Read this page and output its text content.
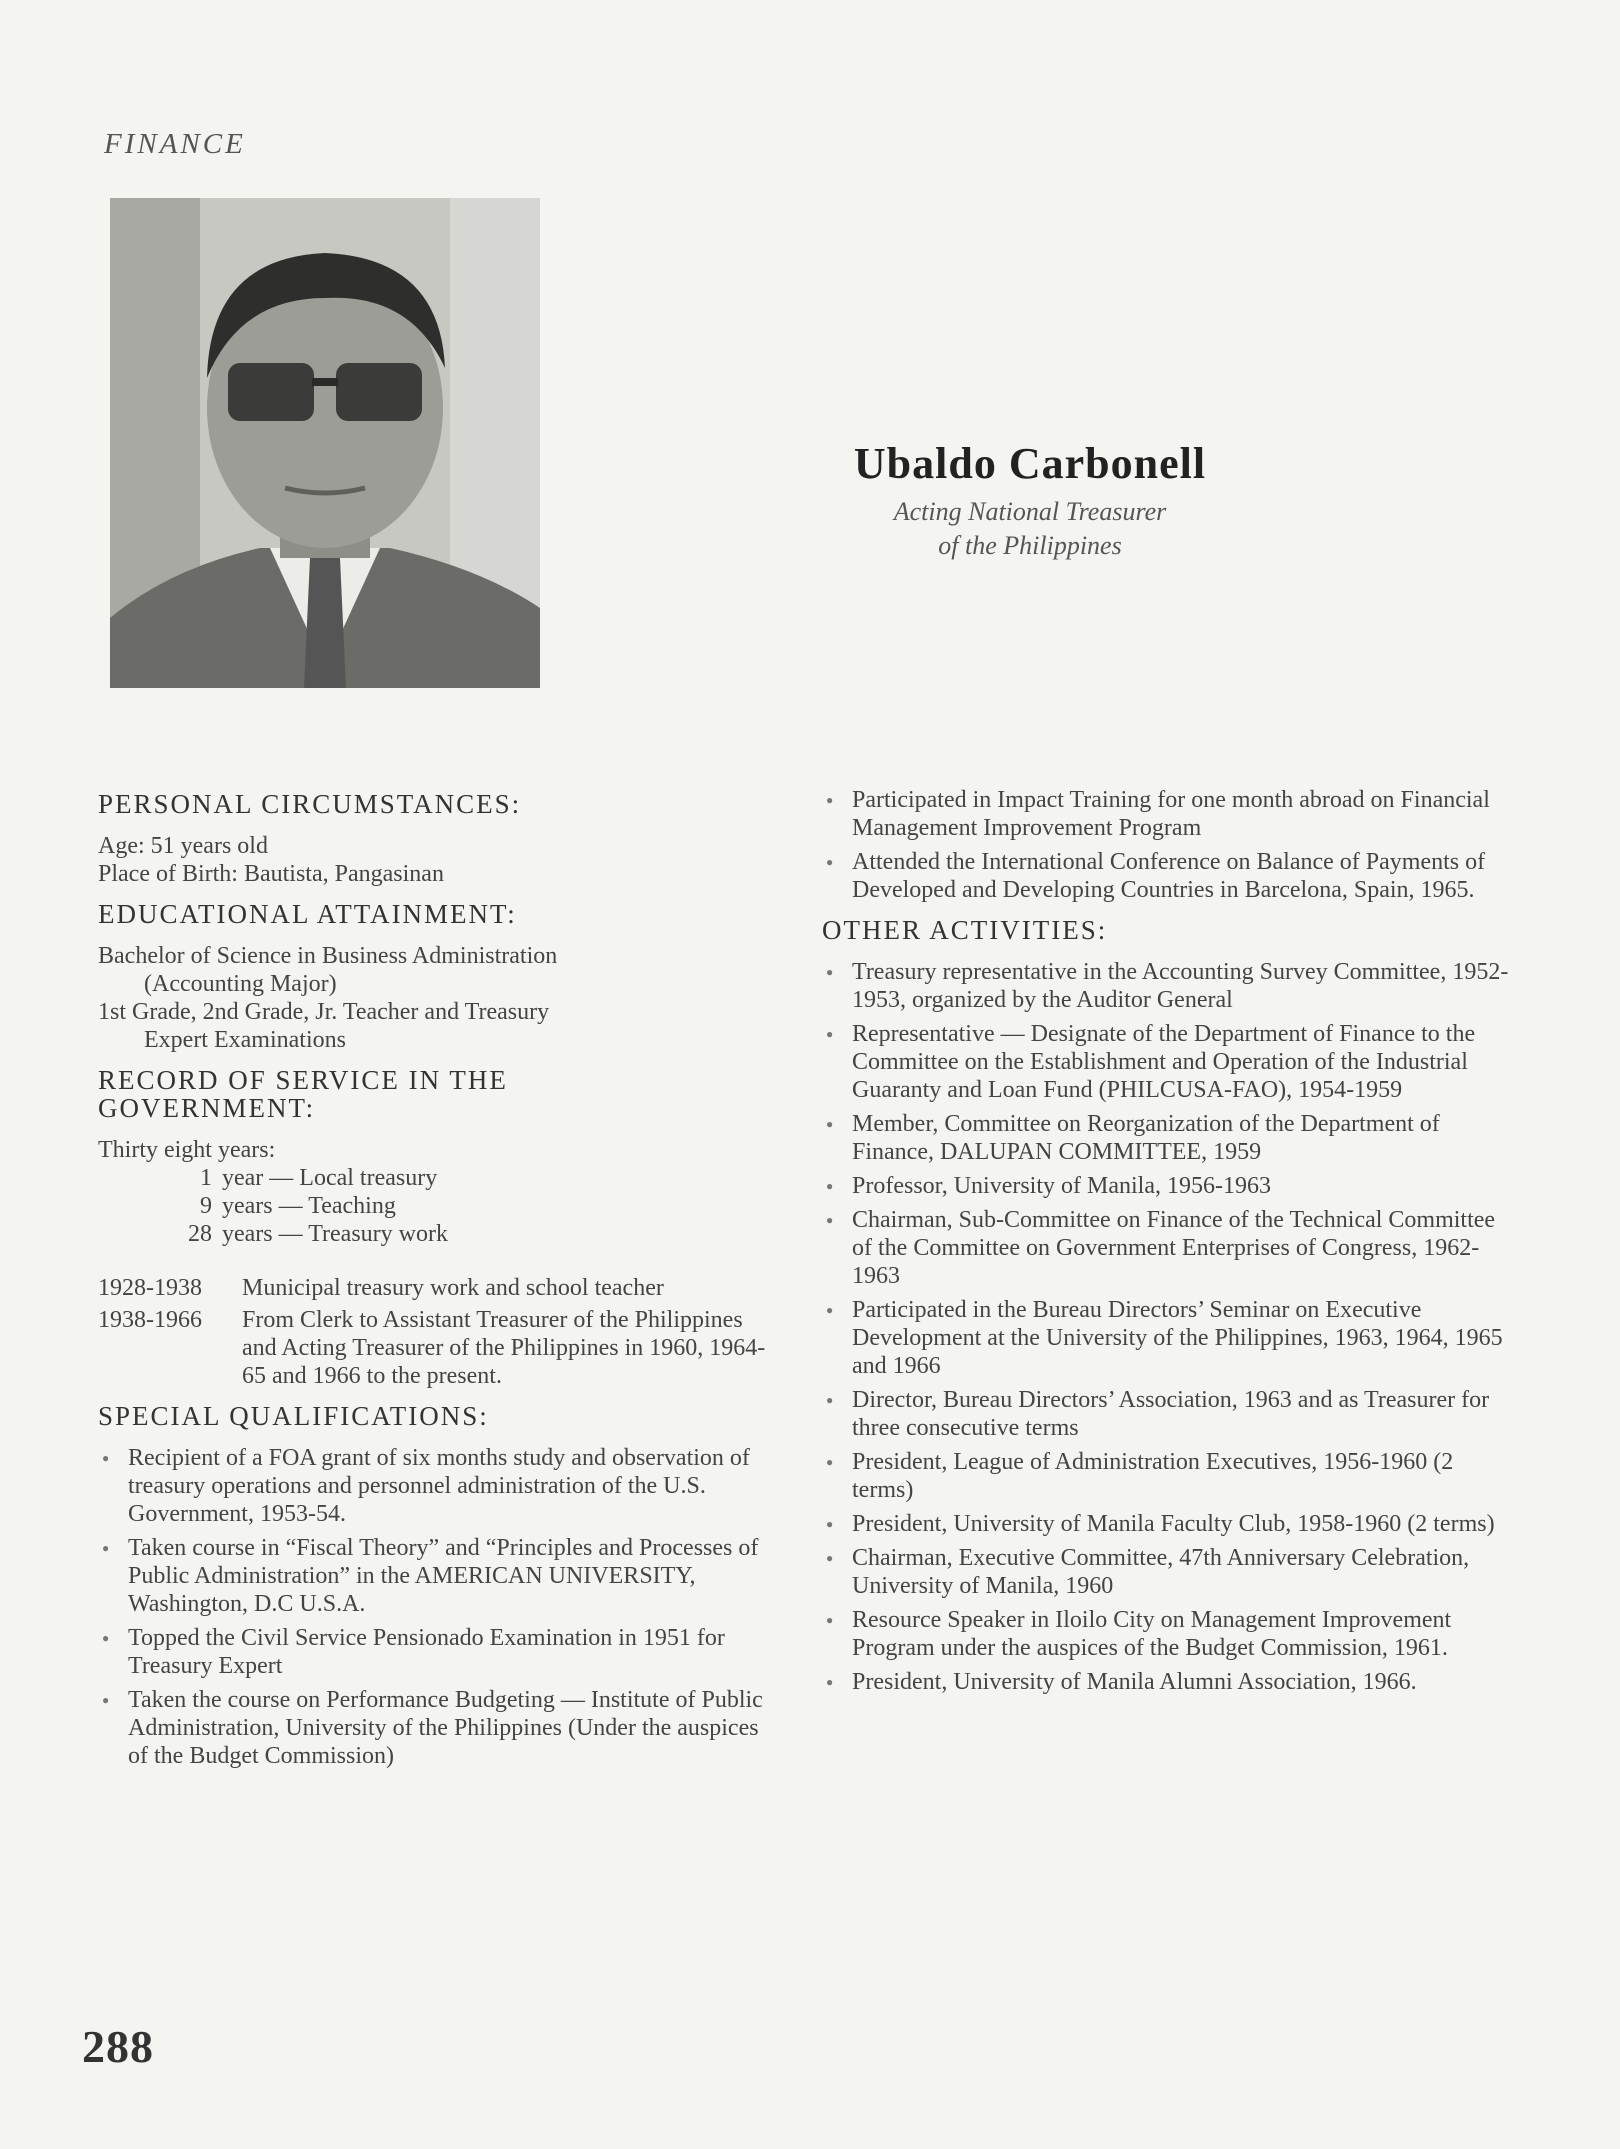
FINANCE
Ubaldo Carbonell
Acting National Treasurer
of the Philippines
PERSONAL CIRCUMSTANCES:
Age: 51 years old
Place of Birth: Bautista, Pangasinan
EDUCATIONAL ATTAINMENT:
Bachelor of Science in Business Administration
(Accounting Major)
1st Grade, 2nd Grade, Jr. Teacher and Treasury
Expert Examinations
RECORD OF SERVICE IN THE
GOVERNMENT:
Thirty eight years:
1 year — Local treasury
9 years — Teaching
28 years — Treasury work
1928-1938	Municipal treasury work and school teacher
1938-1966	From Clerk to Assistant Treasurer of the Philippines and Acting Treasurer of the Philippines in 1960, 1964-65 and 1966 to the present.
SPECIAL QUALIFICATIONS:
● Recipient of a FOA grant of six months study and observation of treasury operations and personnel administration of the U.S. Government, 1953-54.
● Taken course in “Fiscal Theory” and “Principles and Processes of Public Administration” in the AMERICAN UNIVERSITY, Washington, D.C U.S.A.
● Topped the Civil Service Pensionado Examination in 1951 for Treasury Expert
● Taken the course on Performance Budgeting — Institute of Public Administration, University of the Philippines (Under the auspices of the Budget Commission)
● Participated in Impact Training for one month abroad on Financial Management Improvement Program
● Attended the International Conference on Balance of Payments of Developed and Developing Countries in Barcelona, Spain, 1965.
OTHER ACTIVITIES:
● Treasury representative in the Accounting Survey Committee, 1952-1953, organized by the Auditor General
● Representative — Designate of the Department of Finance to the Committee on the Establishment and Operation of the Industrial Guaranty and Loan Fund (PHILCUSA-FAO), 1954-1959
● Member, Committee on Reorganization of the Department of Finance, DALUPAN COMMITTEE, 1959
● Professor, University of Manila, 1956-1963
● Chairman, Sub-Committee on Finance of the Technical Committee of the Committee on Government Enterprises of Congress, 1962-1963
● Participated in the Bureau Directors’ Seminar on Executive Development at the University of the Philippines, 1963, 1964, 1965 and 1966
● Director, Bureau Directors’ Association, 1963 and as Treasurer for three consecutive terms
● President, League of Administration Executives, 1956-1960 (2 terms)
● President, University of Manila Faculty Club, 1958-1960 (2 terms)
● Chairman, Executive Committee, 47th Anniversary Celebration, University of Manila, 1960
● Resource Speaker in Iloilo City on Management Improvement Program under the auspices of the Budget Commission, 1961.
● President, University of Manila Alumni Association, 1966.
288
